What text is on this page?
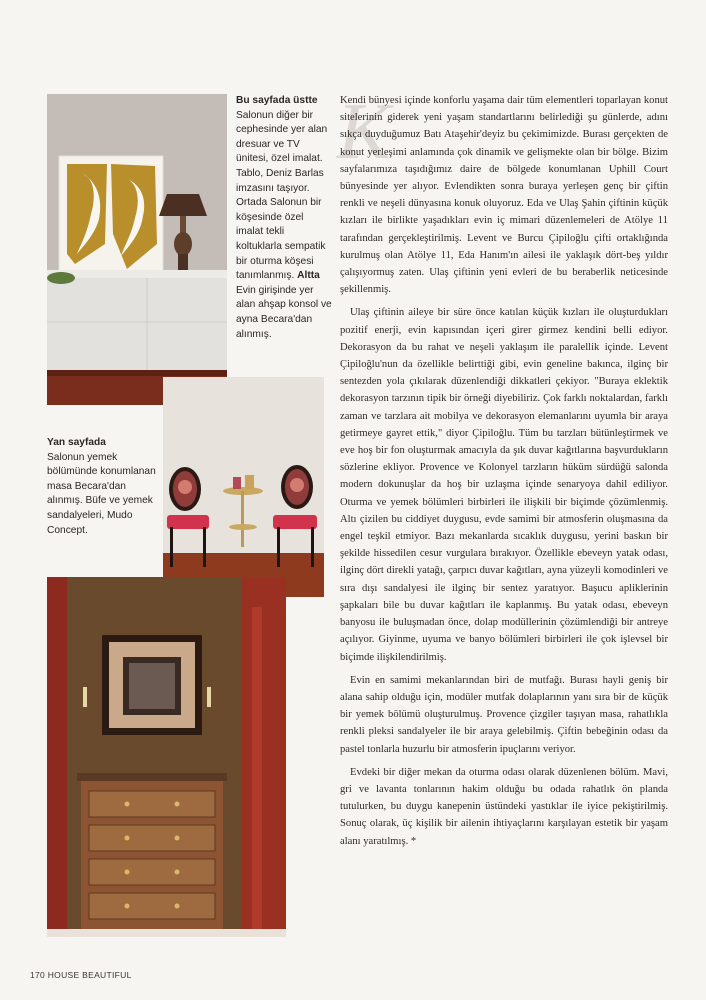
Bu sayfada üstte
Salonun diğer bir cephesinde yer alan dresuar ve TV ünitesi, özel imalat. Tablo, Deniz Barlas imzasını taşıyor. Ortada Salonun bir köşesinde özel imalat tekli koltuklarla sempatik bir oturma köşesi tanımlanmış. Altta Evin girişinde yer alan ahşap konsol ve ayna Becara'dan alınmış.

Yan sayfada
Salonun yemek bölümünde konumlanan masa Becara'dan alınmış. Büfe ve yemek sandalyeleri, Mudo Concept.

K

Kendi bünyesi içinde konforlu yaşama dair tüm elementleri toparlayan konut sitelerinin giderek yeni yaşam standartlarını belirlediği şu günlerde, adını sıkça duyduğumuz Batı Ataşehir'deyiz bu çekimimizde. Burası gerçekten de konut yerleşimi anlamında çok dinamik ve gelişmekte olan bir bölge. Bizim sayfalarımıza taşıdığımız daire de bölgede konumlanan Uphill Court bünyesinde yer alıyor. Evlendikten sonra buraya yerleşen genç bir çiftin renkli ve neşeli dünyasına konuk oluyoruz. Eda ve Ulaş Şahin çiftinin küçük kızları ile birlikte yaşadıkları evin iç mimari düzenlemeleri de Atölye 11 tarafından gerçekleştirilmiş. Levent ve Burcu Çipiloğlu çifti ortaklığında kurulmuş olan Atölye 11, Eda Hanım'ın ailesi ile yaklaşık dört-beş yıldır çalışıyormuş zaten. Ulaş çiftinin yeni evleri de bu beraberlik neticesinde şekillenmiş.

Ulaş çiftinin aileye bir süre önce katılan küçük kızları ile oluşturdukları pozitif enerji, evin kapısından içeri girer girmez kendini belli ediyor. Dekorasyon da bu rahat ve neşeli yaklaşım ile paralellik içinde. Levent Çipiloğlu'nun da özellikle belirttiği gibi, evin geneline bakınca, ilginç bir sentezden yola çıkılarak düzenlendiği dikkatleri çekiyor. "Buraya eklektik dekorasyon tarzının tipik bir örneği diyebiliriz. Çok farklı noktalardan, farklı zaman ve tarzlara ait mobilya ve dekorasyon elemanlarını uyumla bir araya getirmeye gayret ettik," diyor Çipiloğlu. Tüm bu tarzları bütünleştirmek ve eve hoş bir fon oluşturmak amacıyla da şık duvar kağıtlarına başvurdukların sözlerine ekliyor. Provence ve Kolonyel tarzların hüküm sürdüğü salonda modern dokunuşlar da hoş bir uzlaşma içinde senaryoya dahil ediliyor. Oturma ve yemek bölümleri birbirleri ile ilişkili bir biçimde çözümlenmiş. Altı çizilen bu ciddiyet duygusu, evde samimi bir atmosferin oluşmasına da engel teşkil etmiyor. Bazı mekanlarda sıcaklık duygusu, yerini baskın bir şekilde hissedilen cesur vurgulara bırakıyor. Özellikle ebeveyn yatak odası, ilginç dört direkli yatağı, çarpıcı duvar kağıtları, ayna yüzeyli komodinleri ve sıra dışı sandalyesi ile ilginç bir sentez yaratıyor. Başucu apliklerinin şapkaları bile bu duvar kağıtları ile kaplanmış. Bu yatak odası, ebeveyn banyosu ile buluşmadan önce, dolap modüllerinin çözümlendiği bir antreye açılıyor. Giyinme, uyuma ve banyo bölümleri birbirleri ile çok işlevsel bir biçimde ilişkilendirilmiş.

Evin en samimi mekanlarından biri de mutfağı. Burası hayli geniş bir alana sahip olduğu için, modüler mutfak dolaplarının yanı sıra bir de küçük bir yemek bölümü oluşturulmuş. Provence çizgiler taşıyan masa, rahatlıkla renkli pleksi sandalyeler ile bir araya gelebilmiş. Çiftin bebeğinin odası da pastel tonlarla huzurlu bir atmosferin ipuçlarını veriyor.

Evdeki bir diğer mekan da oturma odası olarak düzenlenen bölüm. Mavi, gri ve lavanta tonlarının hakim olduğu bu odada rahatlık ön planda tutulurken, bu duygu kanepenin üstündeki yastıklar ile iyice pekiştirilmiş. Sonuç olarak, üç kişilik bir ailenin ihtiyaçlarını karşılayan estetik bir yaşam alanı yaratılmış. *

170 HOUSE BEAUTIFUL
